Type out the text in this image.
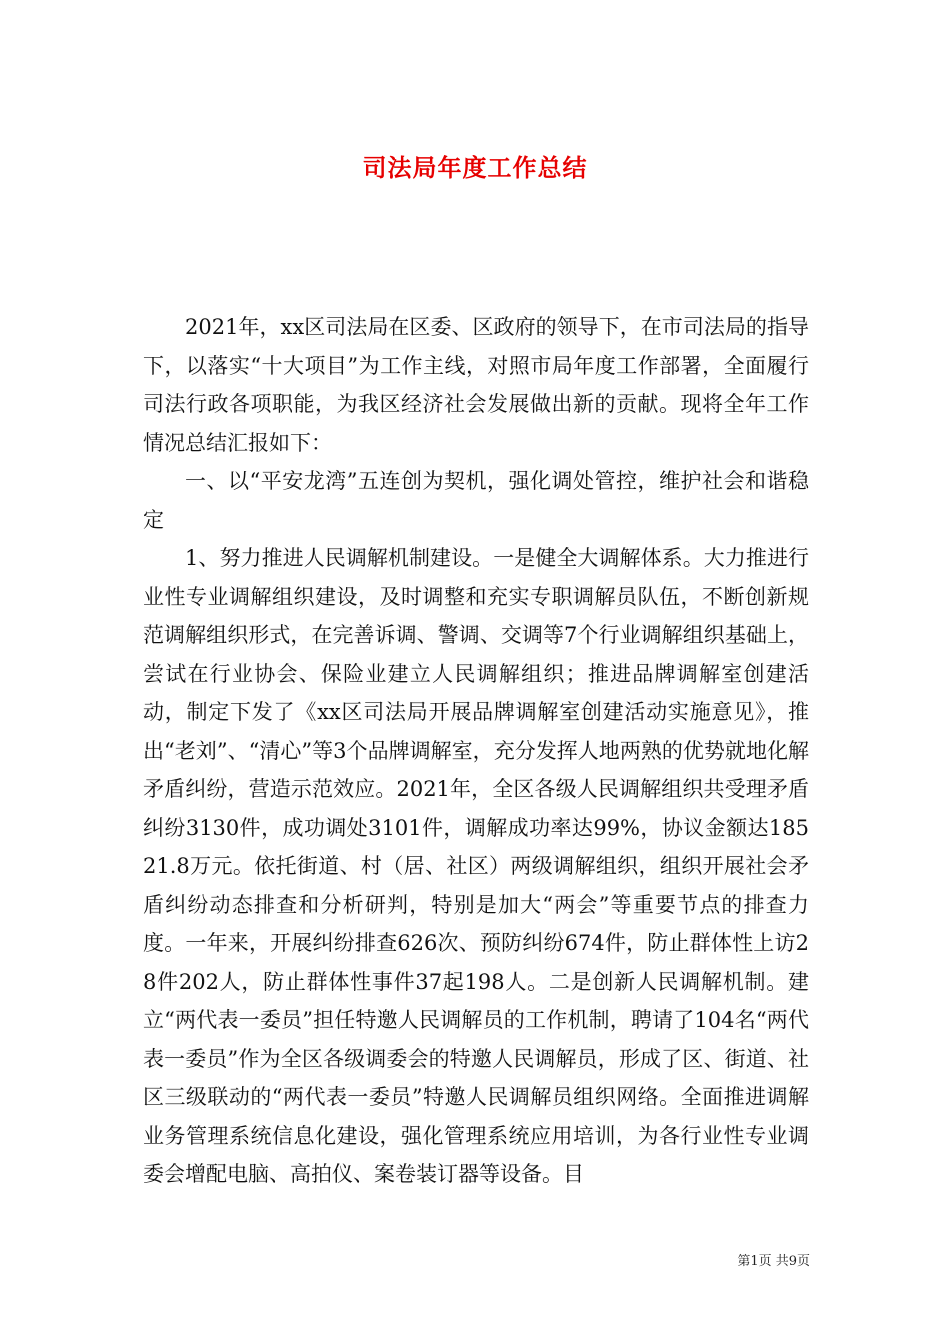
司法局年度工作总结

2021年，xx区司法局在区委、区政府的领导下，在市司法局的指导下，以落实“十大项目”为工作主线，对照市局年度工作部署，全面履行司法行政各项职能，为我区经济社会发展做出新的贡献。现将全年工作情况总结汇报如下：

一、以“平安龙湾”五连创为契机，强化调处管控，维护社会和谐稳定

1、努力推进人民调解机制建设。一是健全大调解体系。大力推进行业性专业调解组织建设，及时调整和充实专职调解员队伍，不断创新规范调解组织形式，在完善诉调、警调、交调等7个行业调解组织基础上，尝试在行业协会、保险业建立人民调解组织；推进品牌调解室创建活动，制定下发了《xx区司法局开展品牌调解室创建活动实施意见》，推出“老刘”、“清心”等3个品牌调解室，充分发挥人地两熟的优势就地化解矛盾纠纷，营造示范效应。2021年，全区各级人民调解组织共受理矛盾纠纷3130件，成功调处3101件，调解成功率达99%，协议金额达18521.8万元。依托街道、村（居、社区）两级调解组织，组织开展社会矛盾纠纷动态排查和分析研判，特别是加大“两会”等重要节点的排查力度。一年来，开展纠纷排查626次、预防纠纷674件，防止群体性上访28件202人，防止群体性事件37起198人。二是创新人民调解机制。建立“两代表一委员”担任特邀人民调解员的工作机制，聘请了104名“两代表一委员”作为全区各级调委会的特邀人民调解员，形成了区、街道、社区三级联动的“两代表一委员”特邀人民调解员组织网络。全面推进调解业务管理系统信息化建设，强化管理系统应用培训，为各行业性专业调委会增配电脑、高拍仪、案卷装订器等设备。目

第1页 共9页
